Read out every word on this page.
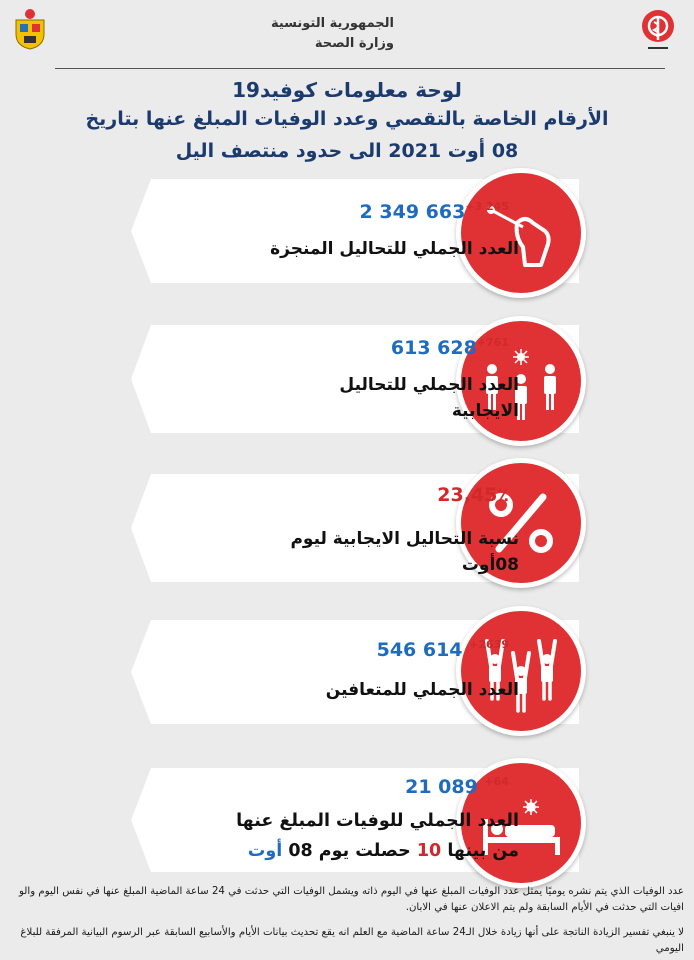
الجمهورية التونسية
وزارة الصحة
لوحة معلومات كوفيد19
الأرقام الخاصة بالتقصي وعدد الوفيات المبلغ عنها بتاريخ
08 أوت 2021 الى حدود منتصف اليل
2 349 $663^{+3 245}$
العدد الجملي للتحاليل المنجزة
613 $628^{+761}$
العدد الجملي للتحاليل
الايجابية
23,45٪
نسبة التحاليل الايجابية ليوم
08أوت
546 614 $^{+2639}$
العدد الجملي للمتعافين
21 089 $^{+64}$
العدد الجملي للوفيات المبلغ عنها
من بينها 10 حصلت يوم 08 أوت
عدد الوفيات الذي يتم نشره يوميًا يمثل عدد الوفيات المبلغ عنها في اليوم ذاته ويشمل الوفيات التي حدثت في 24 ساعة الماضية المبلغ عنها في نفس اليوم والو افيات التي حدثت في الأيام السابقة ولم يتم الاعلان عنها في الابان.
لا ينبغي تفسير الزيادة الناتجة على أنها زيادة خلال الـ24 ساعة الماضية مع العلم انه يقع تحديث بيانات الأيام والأسابيع السابقة عبر الرسوم البيانية المرفقة للبلاغ اليومي
